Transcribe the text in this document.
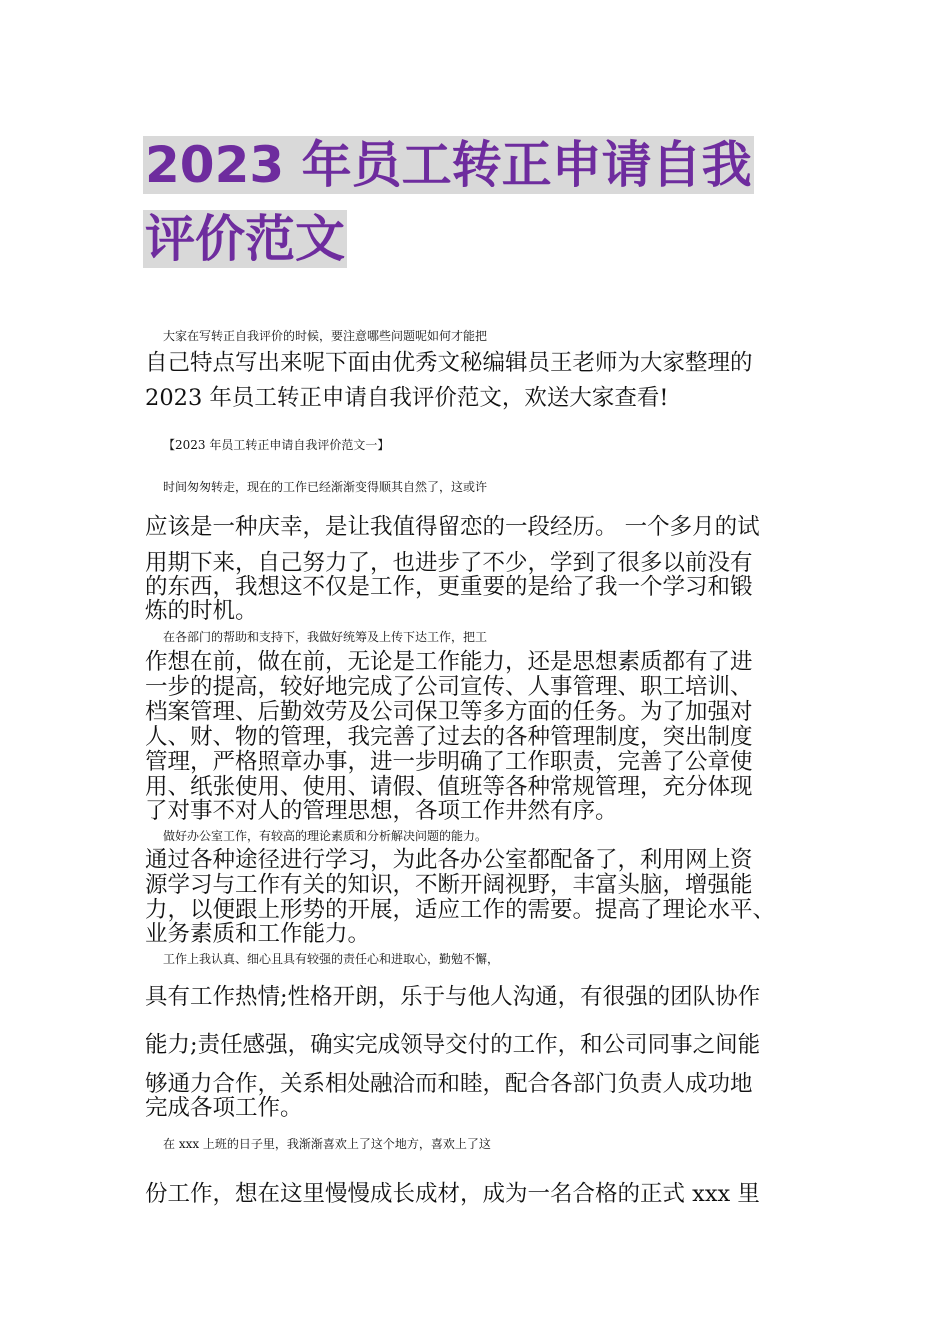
2023 年员工转正申请自我
评价范文

大家在写转正自我评价的时候，要注意哪些问题呢如何才能把

自己特点写出来呢下面由优秀文秘编辑员王老师为大家整理的

2023 年员工转正申请自我评价范文，欢送大家查看!

【2023 年员工转正申请自我评价范文一】

时间匆匆转走，现在的工作已经渐渐变得顺其自然了，这或许

应该是一种庆幸，是让我值得留恋的一段经历。 一个多月的试

用期下来，自己努力了，也进步了不少，学到了很多以前没有

的东西，我想这不仅是工作，更重要的是给了我一个学习和锻

炼的时机。

在各部门的帮助和支持下，我做好统筹及上传下达工作，把工

作想在前，做在前，无论是工作能力，还是思想素质都有了进

一步的提高，较好地完成了公司宣传、人事管理、职工培训、

档案管理、后勤效劳及公司保卫等多方面的任务。为了加强对

人、财、物的管理，我完善了过去的各种管理制度，突出制度

管理，严格照章办事，进一步明确了工作职责，完善了公章使

用、纸张使用、使用、请假、值班等各种常规管理，充分体现

了对事不对人的管理思想，各项工作井然有序。

做好办公室工作，有较高的理论素质和分析解决问题的能力。

通过各种途径进行学习，为此各办公室都配备了，利用网上资

源学习与工作有关的知识，不断开阔视野，丰富头脑，增强能

力，以便跟上形势的开展，适应工作的需要。提高了理论水平、

业务素质和工作能力。

工作上我认真、细心且具有较强的责任心和进取心，勤勉不懈，

具有工作热情;性格开朗，乐于与他人沟通，有很强的团队协作

能力;责任感强，确实完成领导交付的工作，和公司同事之间能

够通力合作，关系相处融洽而和睦，配合各部门负责人成功地

完成各项工作。

在 xxx 上班的日子里，我渐渐喜欢上了这个地方，喜欢上了这

份工作，想在这里慢慢成长成材，成为一名合格的正式 xxx 里
